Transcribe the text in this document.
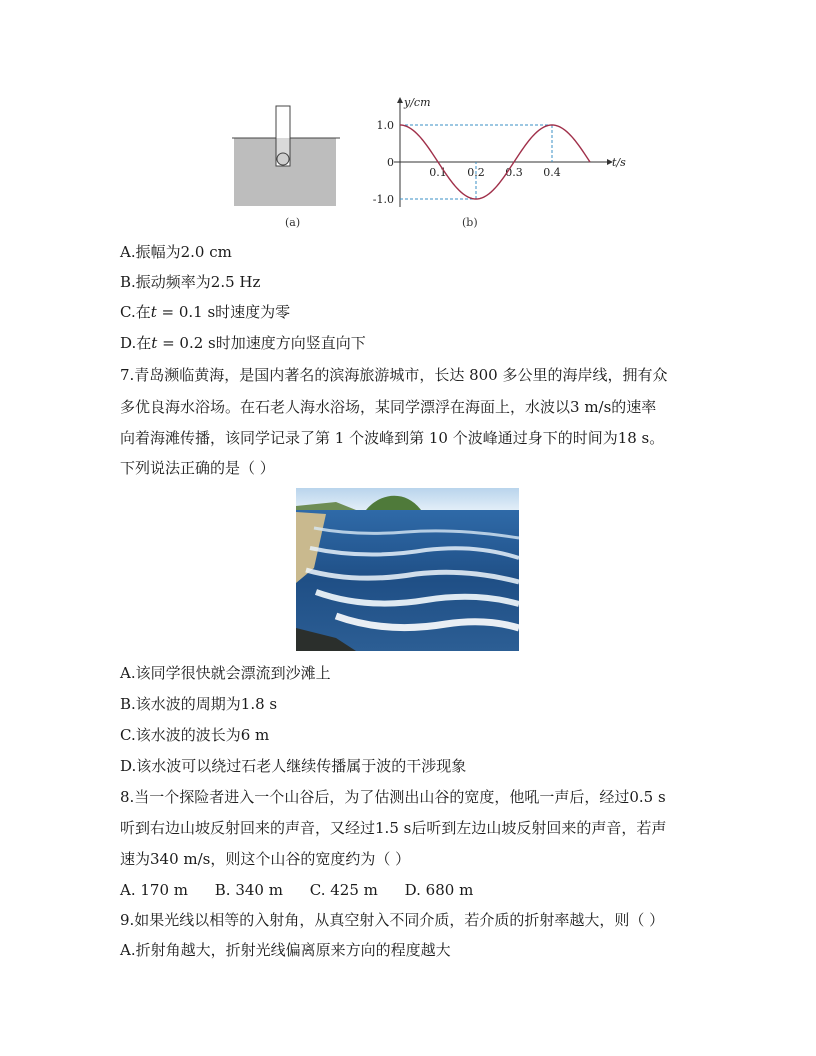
(a)
y/cm
t/s
1.0
0
-1.0
0.1 0.2 0.3 0.4
(b)
A.振幅为2.0 cm
B.振动频率为2.5 Hz
C.在t = 0.1 s时速度为零
D.在t = 0.2 s时加速度方向竖直向下
7.青岛濒临黄海，是国内著名的滨海旅游城市，长达 800 多公里的海岸线，拥有众
多优良海水浴场。在石老人海水浴场，某同学漂浮在海面上，水波以3 m/s的速率
向着海滩传播，该同学记录了第 1 个波峰到第 10 个波峰通过身下的时间为18 s。
下列说法正确的是（ ）
A.该同学很快就会漂流到沙滩上
B.该水波的周期为1.8 s
C.该水波的波长为6 m
D.该水波可以绕过石老人继续传播属于波的干涉现象
8.当一个探险者进入一个山谷后，为了估测出山谷的宽度，他吼一声后，经过0.5 s
听到右边山坡反射回来的声音，又经过1.5 s后听到左边山坡反射回来的声音，若声
速为340 m/s，则这个山谷的宽度约为（ ）
A. 170 m B. 340 m C. 425 m D. 680 m
9.如果光线以相等的入射角，从真空射入不同介质，若介质的折射率越大，则（ ）
A.折射角越大，折射光线偏离原来方向的程度越大
